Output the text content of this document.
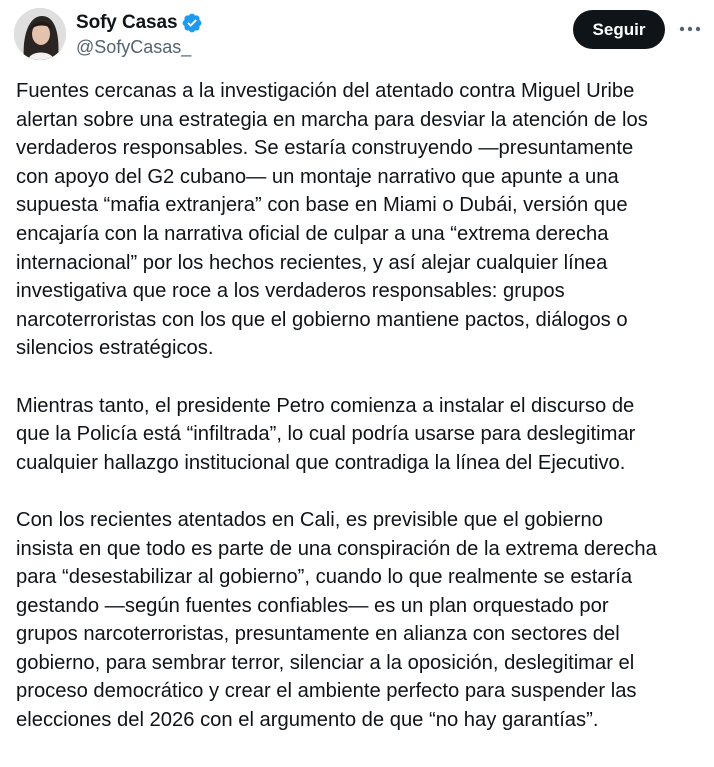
Sofy Casas
@SofyCasas_
Seguir
Fuentes cercanas a la investigación del atentado contra Miguel Uribe
alertan sobre una estrategia en marcha para desviar la atención de los
verdaderos responsables. Se estaría construyendo —presuntamente
con apoyo del G2 cubano— un montaje narrativo que apunte a una
supuesta “mafia extranjera” con base en Miami o Dubái, versión que
encajaría con la narrativa oficial de culpar a una “extrema derecha
internacional” por los hechos recientes, y así alejar cualquier línea
investigativa que roce a los verdaderos responsables: grupos
narcoterroristas con los que el gobierno mantiene pactos, diálogos o
silencios estratégicos.
Mientras tanto, el presidente Petro comienza a instalar el discurso de
que la Policía está “infiltrada”, lo cual podría usarse para deslegitimar
cualquier hallazgo institucional que contradiga la línea del Ejecutivo.
Con los recientes atentados en Cali, es previsible que el gobierno
insista en que todo es parte de una conspiración de la extrema derecha
para “desestabilizar al gobierno”, cuando lo que realmente se estaría
gestando —según fuentes confiables— es un plan orquestado por
grupos narcoterroristas, presuntamente en alianza con sectores del
gobierno, para sembrar terror, silenciar a la oposición, deslegitimar el
proceso democrático y crear el ambiente perfecto para suspender las
elecciones del 2026 con el argumento de que “no hay garantías”.
